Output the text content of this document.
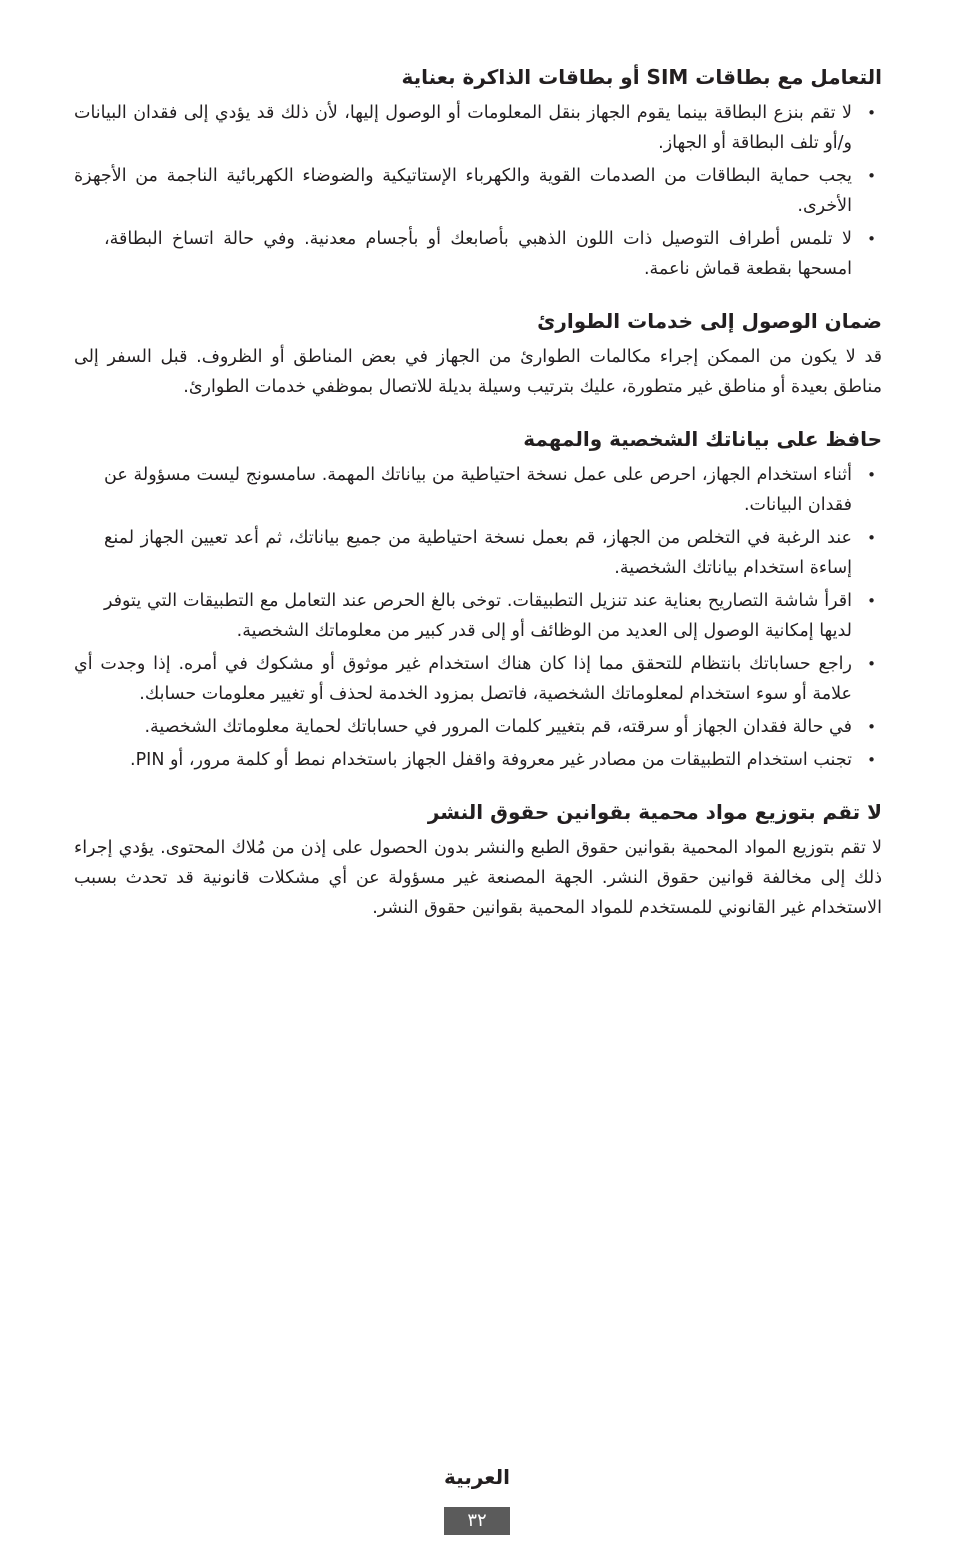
التعامل مع بطاقات SIM أو بطاقات الذاكرة بعناية
•
لا تقم بنزع البطاقة بينما يقوم الجهاز بنقل المعلومات أو الوصول إليها، لأن ذلك قد يؤدي إلى فقدان البيانات و/أو تلف البطاقة أو الجهاز.
•
يجب حماية البطاقات من الصدمات القوية والكهرباء الإستاتيكية والضوضاء الكهربائية الناجمة من الأجهزة الأخرى.
•
لا تلمس أطراف التوصيل ذات اللون الذهبي بأصابعك أو بأجسام معدنية. وفي حالة اتساخ البطاقة، امسحها بقطعة قماش ناعمة.
ضمان الوصول إلى خدمات الطوارئ

قد لا يكون من الممكن إجراء مكالمات الطوارئ من الجهاز في بعض المناطق أو الظروف. قبل السفر إلى مناطق بعيدة أو مناطق غير متطورة، عليك بترتيب وسيلة بديلة للاتصال بموظفي خدمات الطوارئ.

حافظ على بياناتك الشخصية والمهمة
•
أثناء استخدام الجهاز، احرص على عمل نسخة احتياطية من بياناتك المهمة. سامسونج ليست مسؤولة عن فقدان البيانات.
•
عند الرغبة في التخلص من الجهاز، قم بعمل نسخة احتياطية من جميع بياناتك، ثم أعد تعيين الجهاز لمنع إساءة استخدام بياناتك الشخصية.
•
اقرأ شاشة التصاريح بعناية عند تنزيل التطبيقات. توخى بالغ الحرص عند التعامل مع التطبيقات التي يتوفر لديها إمكانية الوصول إلى العديد من الوظائف أو إلى قدر كبير من معلوماتك الشخصية.
•
راجع حساباتك بانتظام للتحقق مما إذا كان هناك استخدام غير موثوق أو مشكوك في أمره. إذا وجدت أي علامة أو سوء استخدام لمعلوماتك الشخصية، فاتصل بمزود الخدمة لحذف أو تغيير معلومات حسابك.
•
في حالة فقدان الجهاز أو سرقته، قم بتغيير كلمات المرور في حساباتك لحماية معلوماتك الشخصية.
•
تجنب استخدام التطبيقات من مصادر غير معروفة واقفل الجهاز باستخدام نمط أو كلمة مرور، أو PIN.
لا تقم بتوزيع مواد محمية بقوانين حقوق النشر

لا تقم بتوزيع المواد المحمية بقوانين حقوق الطبع والنشر بدون الحصول على إذن من مُلاك المحتوى. يؤدي إجراء ذلك إلى مخالفة قوانين حقوق النشر. الجهة المصنعة غير مسؤولة عن أي مشكلات قانونية قد تحدث بسبب الاستخدام غير القانوني للمستخدم للمواد المحمية بقوانين حقوق النشر.

العربية
٣٢
